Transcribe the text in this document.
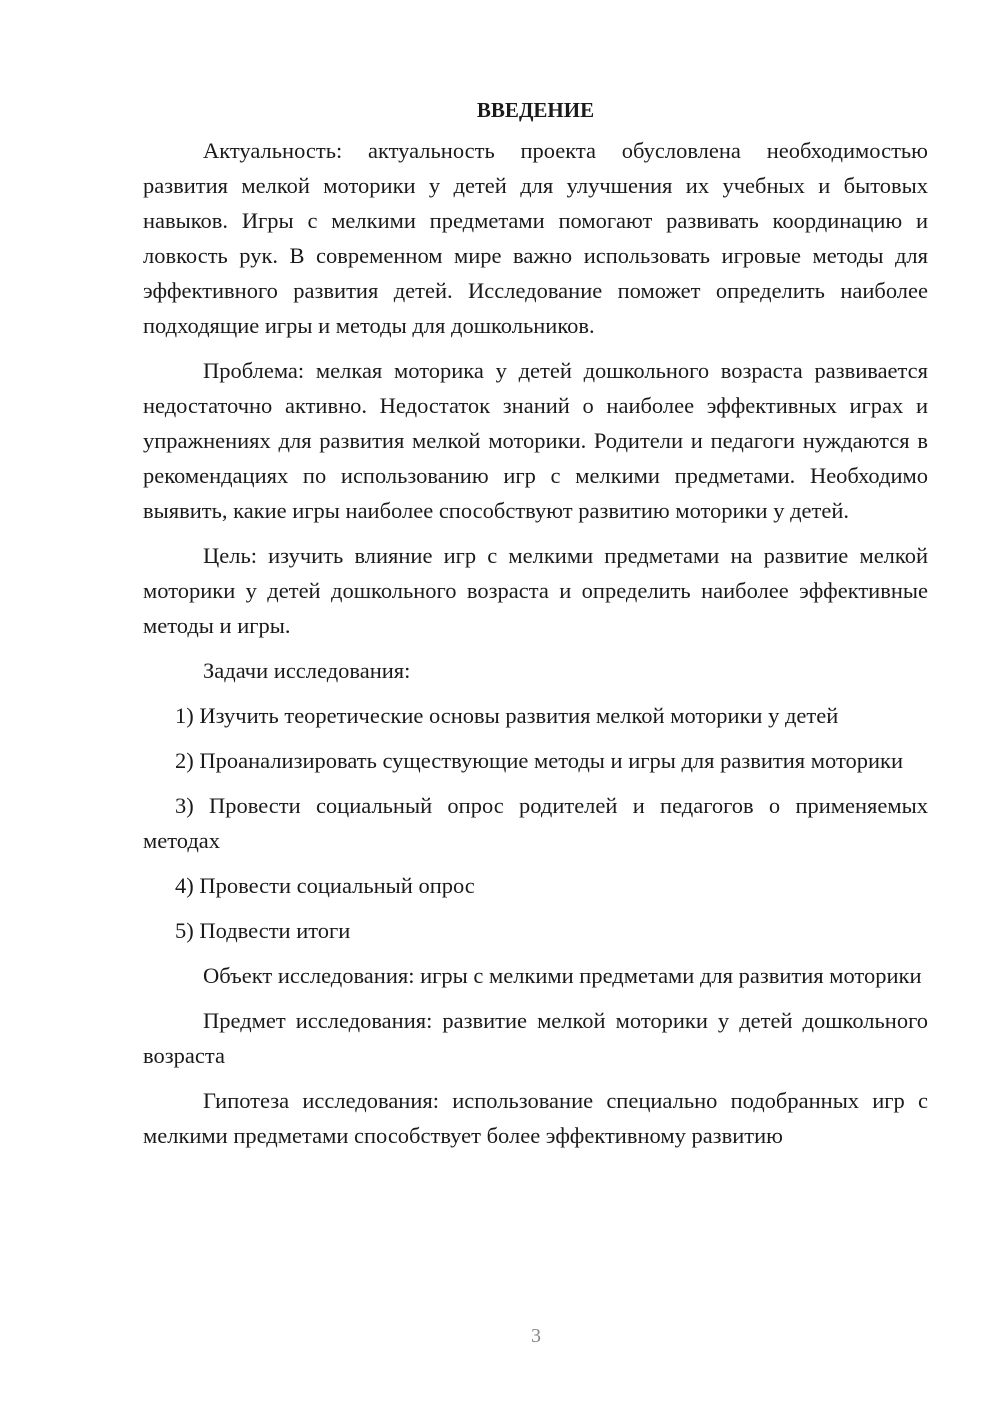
ВВЕДЕНИЕ

Актуальность: актуальность проекта обусловлена необходимостью развития мелкой моторики у детей для улучшения их учебных и бытовых навыков. Игры с мелкими предметами помогают развивать координацию и ловкость рук. В современном мире важно использовать игровые методы для эффективного развития детей. Исследование поможет определить наиболее подходящие игры и методы для дошкольников.

Проблема: мелкая моторика у детей дошкольного возраста развивается недостаточно активно. Недостаток знаний о наиболее эффективных играх и упражнениях для развития мелкой моторики. Родители и педагоги нуждаются в рекомендациях по использованию игр с мелкими предметами. Необходимо выявить, какие игры наиболее способствуют развитию моторики у детей.

Цель: изучить влияние игр с мелкими предметами на развитие мелкой моторики у детей дошкольного возраста и определить наиболее эффективные методы и игры.

Задачи исследования:

1) Изучить теоретические основы развития мелкой моторики у детей

2) Проанализировать существующие методы и игры для развития моторики

3) Провести социальный опрос родителей и педагогов о применяемых методах

4) Провести социальный опрос

5) Подвести итоги

Объект исследования: игры с мелкими предметами для развития моторики

Предмет исследования: развитие мелкой моторики у детей дошкольного возраста

Гипотеза исследования: использование специально подобранных игр с мелкими предметами способствует более эффективному развитию

3
